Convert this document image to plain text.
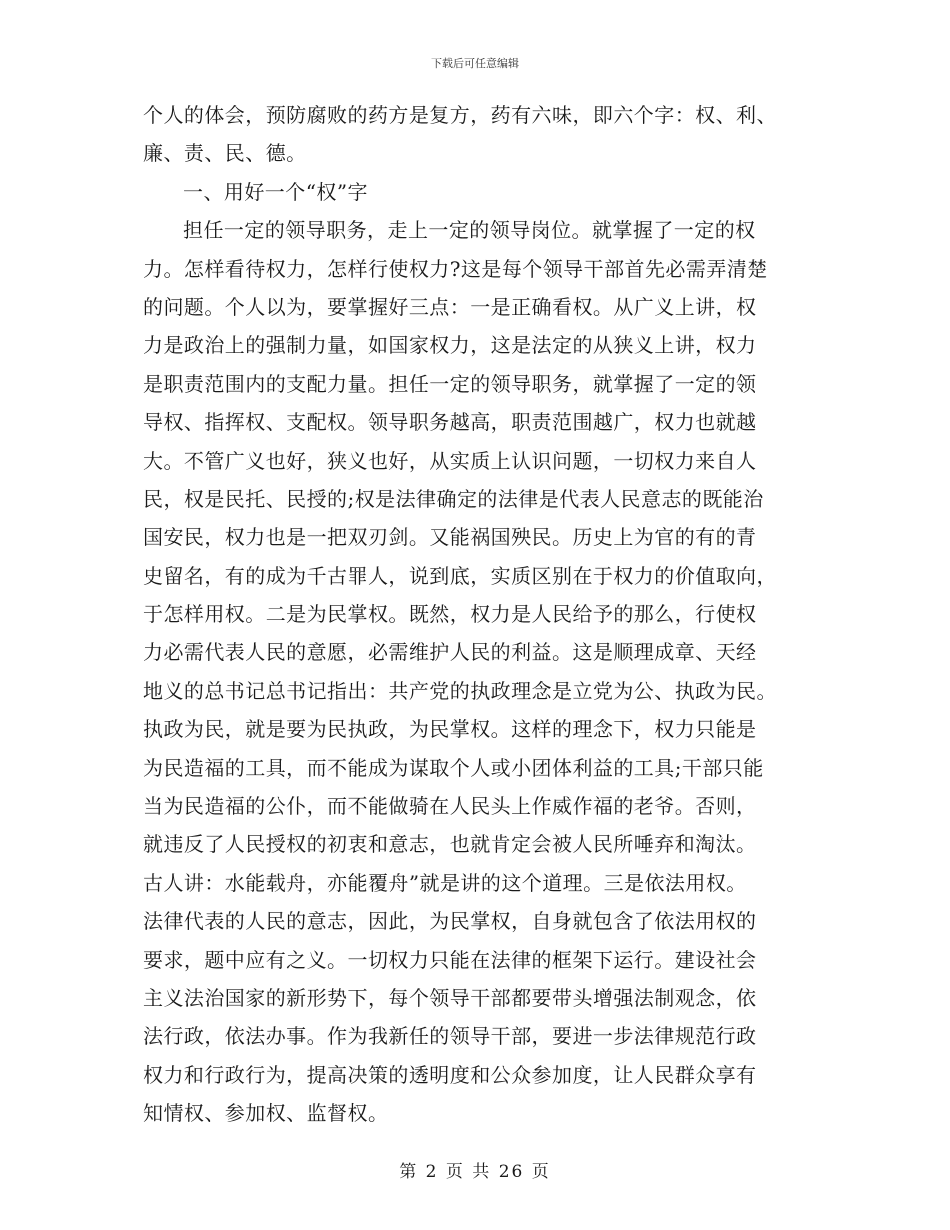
下载后可任意编辑
个人的体会，预防腐败的药方是复方，药有六味，即六个字：权、利、
廉、责、民、德。
一、用好一个“权”字
担任一定的领导职务，走上一定的领导岗位。就掌握了一定的权
力。怎样看待权力，怎样行使权力?这是每个领导干部首先必需弄清楚
的问题。个人以为，要掌握好三点：一是正确看权。从广义上讲，权
力是政治上的强制力量，如国家权力，这是法定的从狭义上讲，权力
是职责范围内的支配力量。担任一定的领导职务，就掌握了一定的领
导权、指挥权、支配权。领导职务越高，职责范围越广，权力也就越
大。不管广义也好，狭义也好，从实质上认识问题，一切权力来自人
民，权是民托、民授的;权是法律确定的法律是代表人民意志的既能治
国安民，权力也是一把双刃剑。又能祸国殃民。历史上为官的有的青
史留名，有的成为千古罪人，说到底，实质区别在于权力的价值取向，
于怎样用权。二是为民掌权。既然，权力是人民给予的那么，行使权
力必需代表人民的意愿，必需维护人民的利益。这是顺理成章、天经
地义的总书记总书记指出：共产党的执政理念是立党为公、执政为民。
执政为民，就是要为民执政，为民掌权。这样的理念下，权力只能是
为民造福的工具，而不能成为谋取个人或小团体利益的工具;干部只能
当为民造福的公仆，而不能做骑在人民头上作威作福的老爷。否则，
就违反了人民授权的初衷和意志，也就肯定会被人民所唾弃和淘汰。
古人讲：水能载舟，亦能覆舟”就是讲的这个道理。三是依法用权。
法律代表的人民的意志，因此，为民掌权，自身就包含了依法用权的
要求，题中应有之义。一切权力只能在法律的框架下运行。建设社会
主义法治国家的新形势下，每个领导干部都要带头增强法制观念，依
法行政，依法办事。作为我新任的领导干部，要进一步法律规范行政
权力和行政行为，提高决策的透明度和公众参加度，让人民群众享有
知情权、参加权、监督权。
第 2 页 共 26 页
